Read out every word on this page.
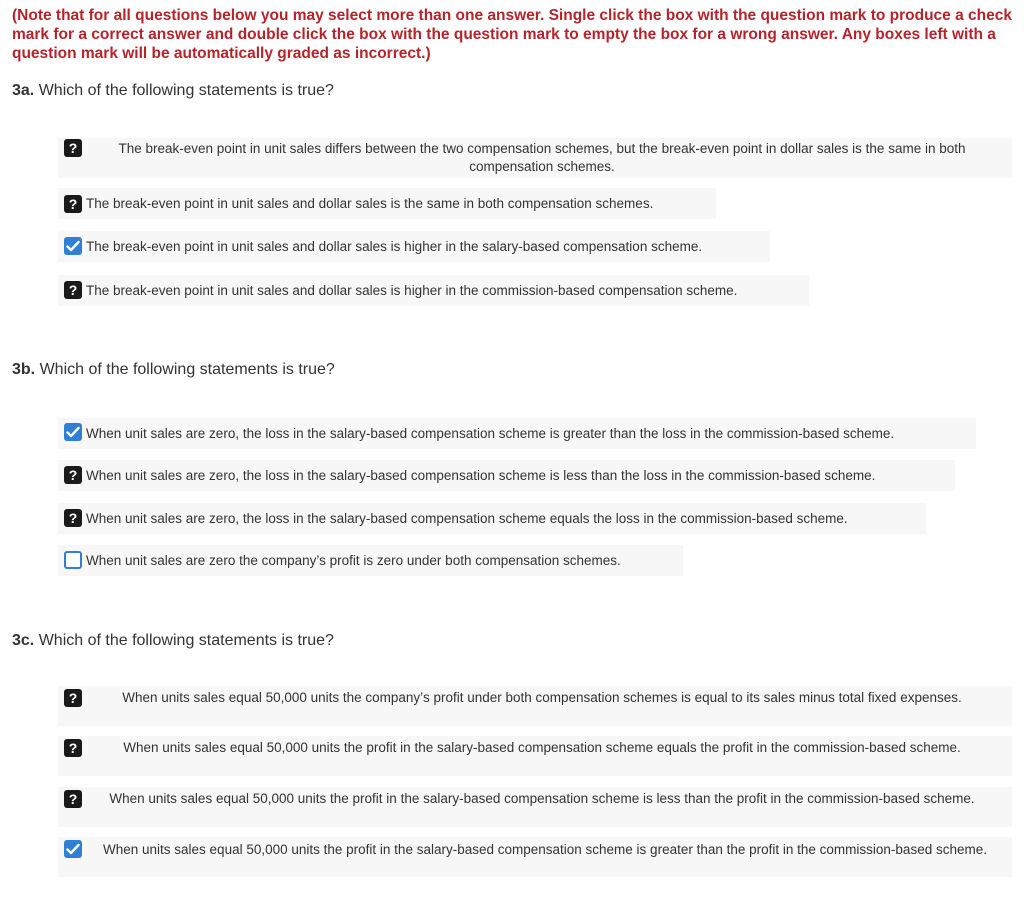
(Note that for all questions below you may select more than one answer. Single click the box with the question mark to produce a check mark for a correct answer and double click the box with the question mark to empty the box for a wrong answer. Any boxes left with a question mark will be automatically graded as incorrect.)
3a. Which of the following statements is true?
?	The break-even point in unit sales differs between the two compensation schemes, but the break-even point in dollar sales is the same in both compensation schemes.
? The break-even point in unit sales and dollar sales is the same in both compensation schemes.
The break-even point in unit sales and dollar sales is higher in the salary-based compensation scheme.
? The break-even point in unit sales and dollar sales is higher in the commission-based compensation scheme.
3b. Which of the following statements is true?
When unit sales are zero, the loss in the salary-based compensation scheme is greater than the loss in the commission-based scheme.
? When unit sales are zero, the loss in the salary-based compensation scheme is less than the loss in the commission-based scheme.
? When unit sales are zero, the loss in the salary-based compensation scheme equals the loss in the commission-based scheme.
When unit sales are zero the company’s profit is zero under both compensation schemes.
3c. Which of the following statements is true?
?	When units sales equal 50,000 units the company’s profit under both compensation schemes is equal to its sales minus total fixed expenses.
?	When units sales equal 50,000 units the profit in the salary-based compensation scheme equals the profit in the commission-based scheme.
?	When units sales equal 50,000 units the profit in the salary-based compensation scheme is less than the profit in the commission-based scheme.
When units sales equal 50,000 units the profit in the salary-based compensation scheme is greater than the profit in the commission-based scheme.
